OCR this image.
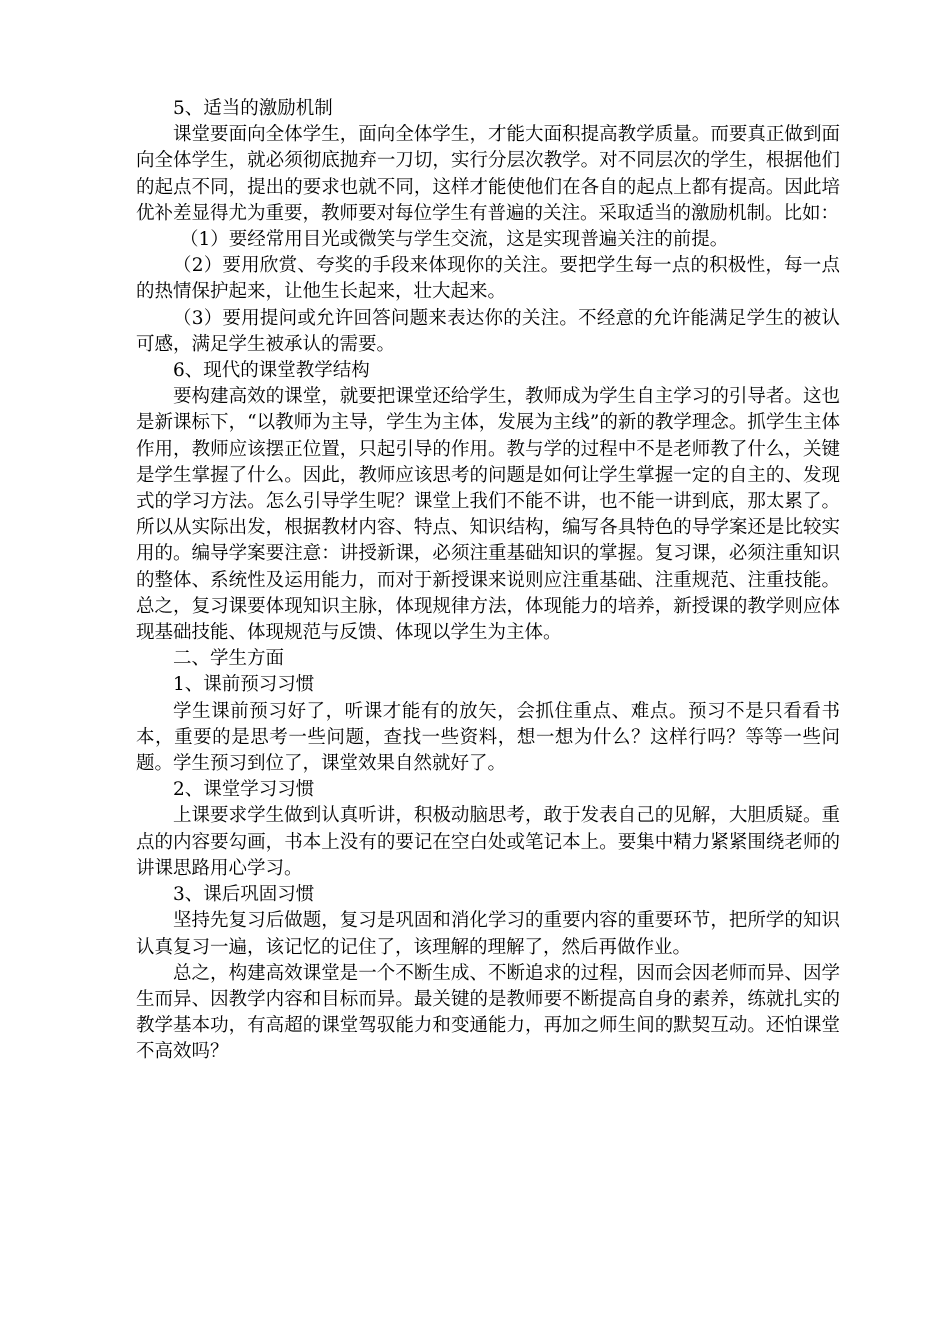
5、适当的激励机制

课堂要面向全体学生，面向全体学生，才能大面积提高教学质量。而要真正做到面向全体学生，就必须彻底抛弃一刀切，实行分层次教学。对不同层次的学生，根据他们的起点不同，提出的要求也就不同，这样才能使他们在各自的起点上都有提高。因此培优补差显得尤为重要，教师要对每位学生有普遍的关注。采取适当的激励机制。比如：

（1）要经常用目光或微笑与学生交流，这是实现普遍关注的前提。

（2）要用欣赏、夸奖的手段来体现你的关注。要把学生每一点的积极性，每一点的热情保护起来，让他生长起来，壮大起来。

（3）要用提问或允许回答问题来表达你的关注。不经意的允许能满足学生的被认可感，满足学生被承认的需要。

6、现代的课堂教学结构

要构建高效的课堂，就要把课堂还给学生，教师成为学生自主学习的引导者。这也是新课标下，“以教师为主导，学生为主体，发展为主线”的新的教学理念。抓学生主体作用，教师应该摆正位置，只起引导的作用。教与学的过程中不是老师教了什么，关键是学生掌握了什么。因此，教师应该思考的问题是如何让学生掌握一定的自主的、发现式的学习方法。怎么引导学生呢？课堂上我们不能不讲，也不能一讲到底，那太累了。所以从实际出发，根据教材内容、特点、知识结构，编写各具特色的导学案还是比较实用的。编导学案要注意：讲授新课，必须注重基础知识的掌握。复习课，必须注重知识的整体、系统性及运用能力，而对于新授课来说则应注重基础、注重规范、注重技能。总之，复习课要体现知识主脉，体现规律方法，体现能力的培养，新授课的教学则应体现基础技能、体现规范与反馈、体现以学生为主体。

二、学生方面

1、课前预习习惯

学生课前预习好了，听课才能有的放矢，会抓住重点、难点。预习不是只看看书本，重要的是思考一些问题，查找一些资料，想一想为什么？这样行吗？等等一些问题。学生预习到位了，课堂效果自然就好了。

2、课堂学习习惯

上课要求学生做到认真听讲，积极动脑思考，敢于发表自己的见解，大胆质疑。重点的内容要勾画，书本上没有的要记在空白处或笔记本上。要集中精力紧紧围绕老师的讲课思路用心学习。

3、课后巩固习惯

坚持先复习后做题，复习是巩固和消化学习的重要内容的重要环节，把所学的知识认真复习一遍，该记忆的记住了，该理解的理解了，然后再做作业。

总之，构建高效课堂是一个不断生成、不断追求的过程，因而会因老师而异、因学生而异、因教学内容和目标而异。最关键的是教师要不断提高自身的素养，练就扎实的教学基本功，有高超的课堂驾驭能力和变通能力，再加之师生间的默契互动。还怕课堂不高效吗？
